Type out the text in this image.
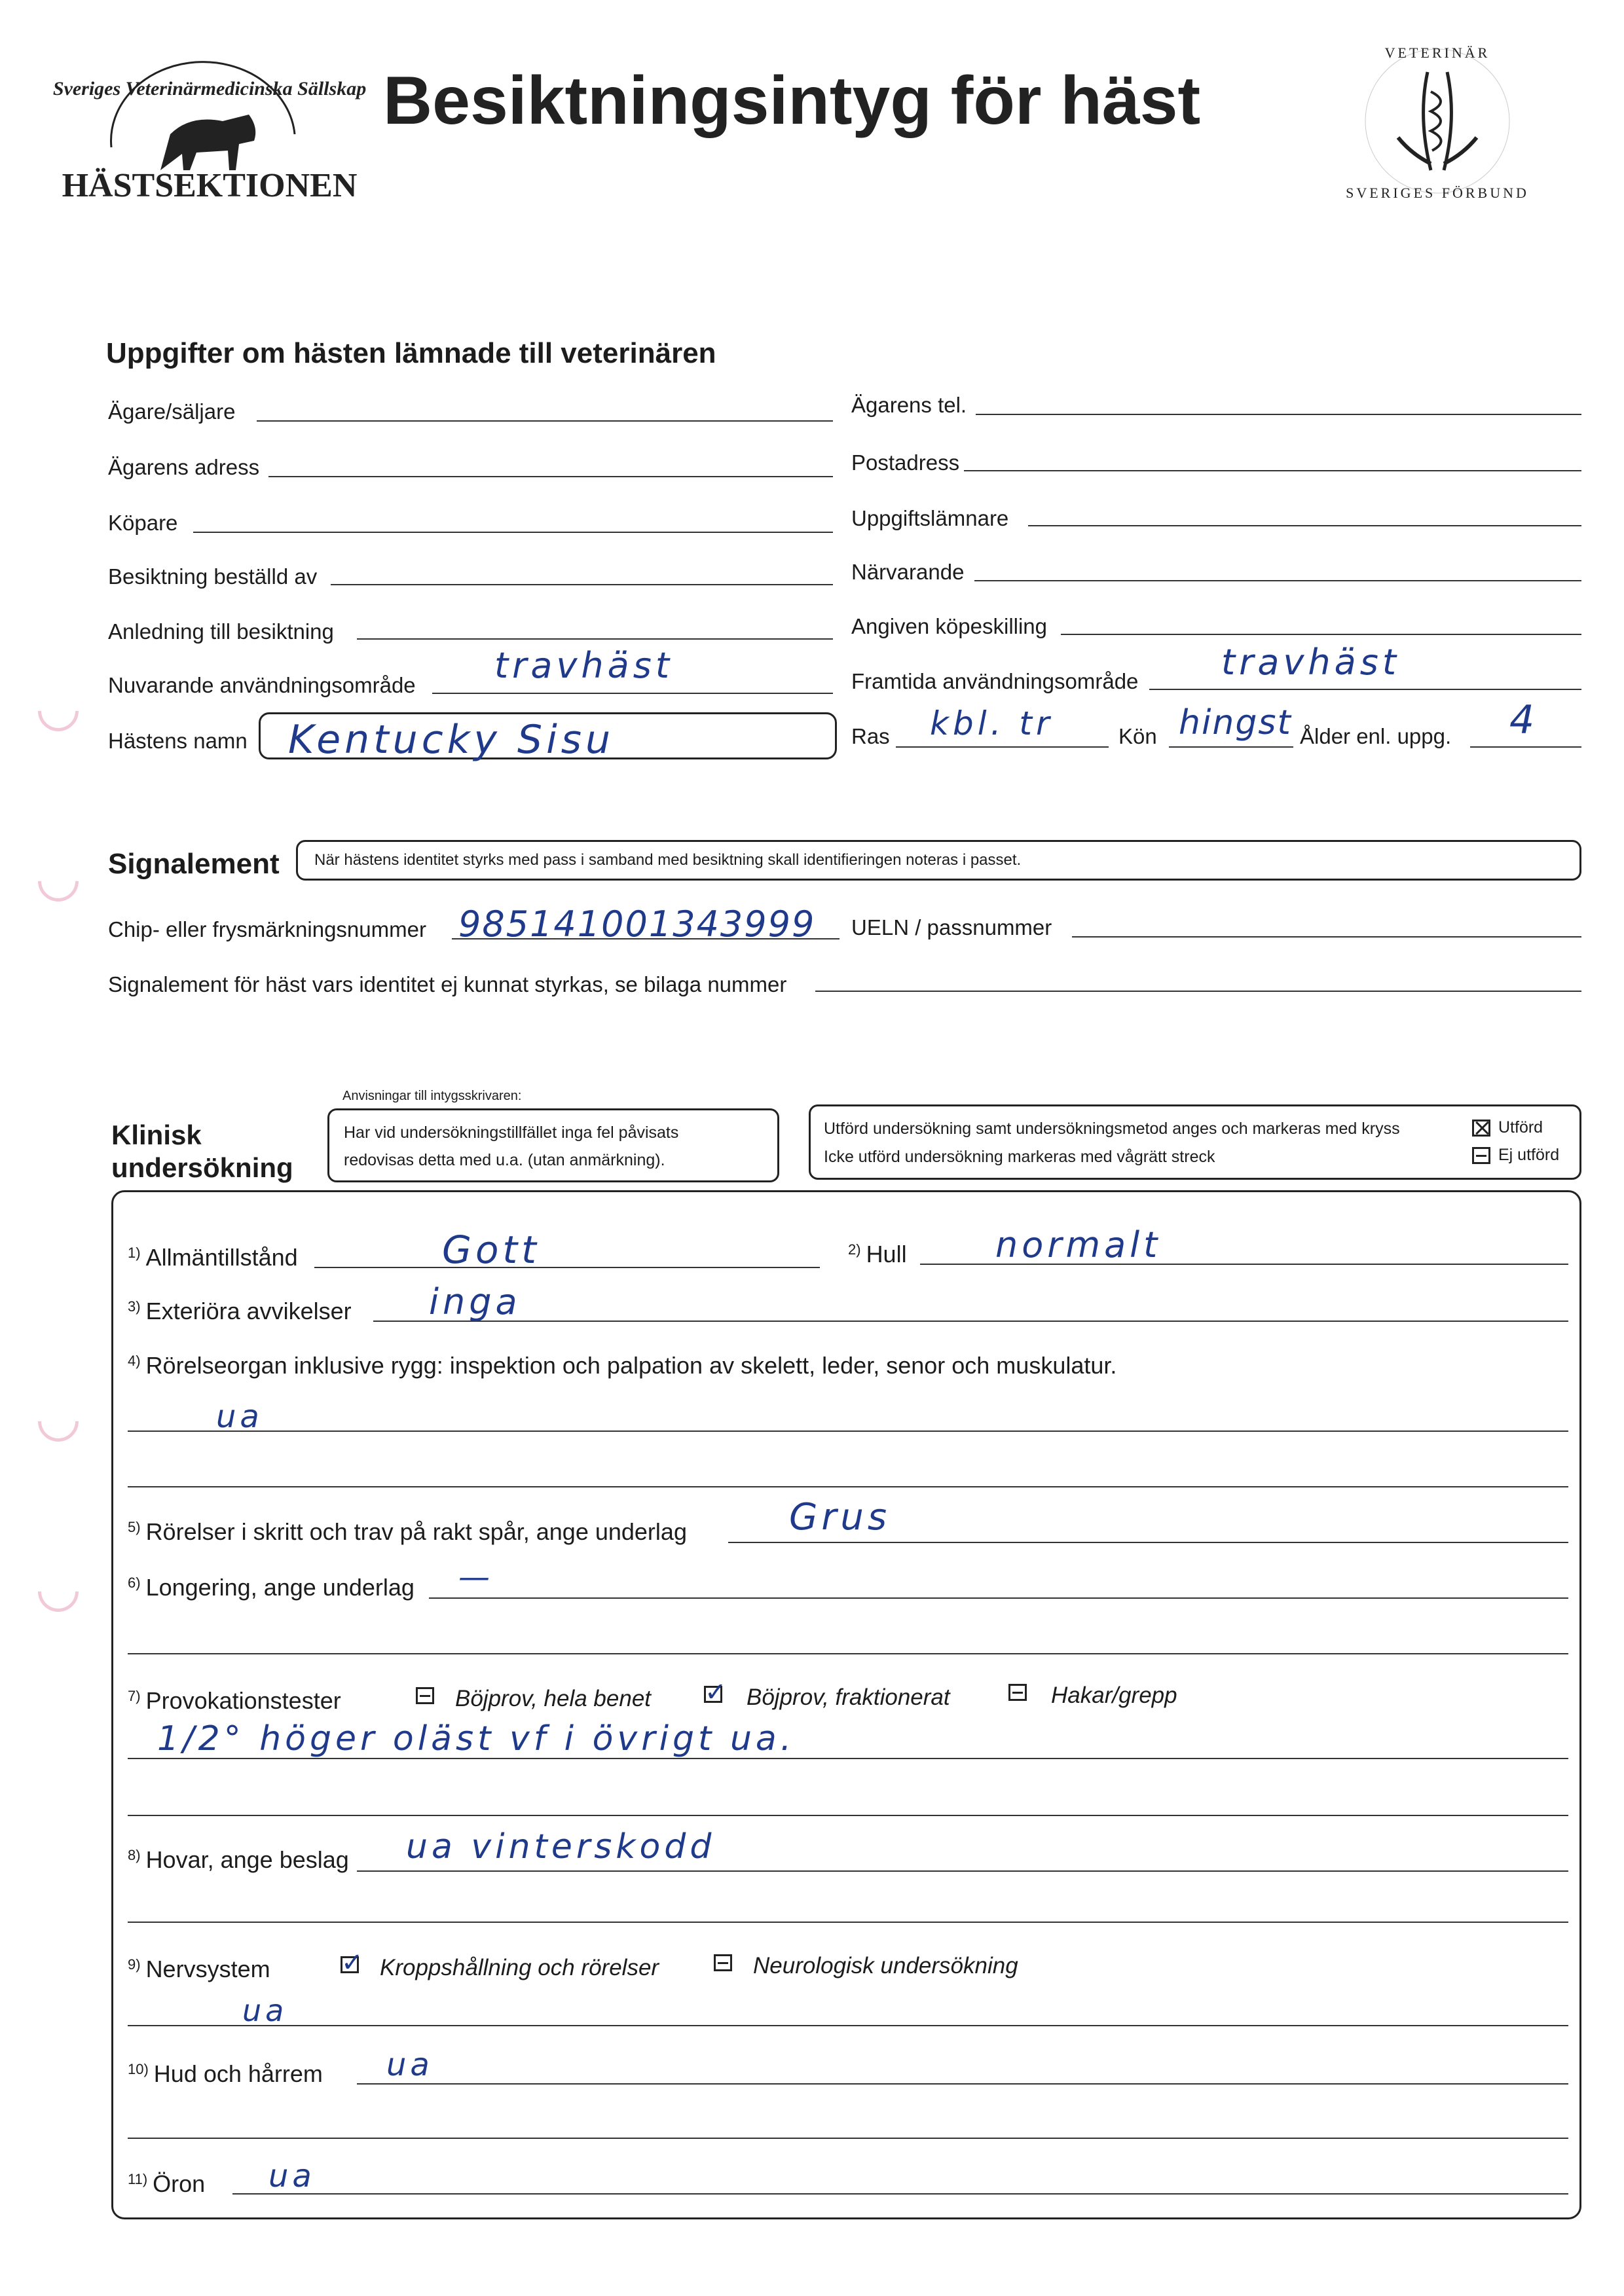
Sveriges Veterinärmedicinska Sällskap
HÄSTSEKTIONEN
Besiktningsintyg för häst
VETERINÄR
SVERIGES FÖRBUND
Uppgifter om hästen lämnade till veterinären
Ägare/säljare	Ägarens tel.
Ägarens adress	Postadress
Köpare	Uppgiftslämnare
Besiktning beställd av	Närvarande
Anledning till besiktning	Angiven köpeskilling
Nuvarande användningsområde travhäst	Framtida användningsområde travhäst
Hästens namn Kentucky Sisu	Ras kbl. tr	Kön hingst Ålder enl. uppg. 4
Signalement När hästens identitet styrks med pass i samband med besiktning skall identifieringen noteras i passet.
Chip- eller frysmärkningsnummer 985141001343999 UELN / passnummer
Signalement för häst vars identitet ej kunnat styrkas, se bilaga nummer
Anvisningar till intygsskrivaren:
Klinisk
undersökning
Har vid undersökningstillfället inga fel påvisats
redovisas detta med u.a. (utan anmärkning).
Utförd undersökning samt undersökningsmetod anges och markeras med kryss
Icke utförd undersökning markeras med vågrätt streck
Utförd
Ej utförd
$^{1)}$ Allmäntillstånd	Gott	$^{2)}$ Hull	normalt
$^{3)}$ Exteriöra avvikelser inga
$^{4)}$ Rörelseorgan inklusive rygg: inspektion och palpation av skelett, leder, senor och muskulatur.
ua
$^{5)}$ Rörelser i skritt och trav på rakt spår, ange underlag	Grus
$^{6)}$ Longering, ange underlag —
$^{7)}$ Provokationstester	Böjprov, hela benet ✓	Böjprov, fraktionerat	Hakar/grepp
1/2° höger oläst vf i övrigt ua.
$^{8)}$ Hovar, ange beslag ua vinterskodd
$^{9)}$ Nervsystem ✓	Kroppshållning och rörelser	Neurologisk undersökning
ua
$^{10)}$ Hud och hårrem ua
$^{11)}$ Öron ua
